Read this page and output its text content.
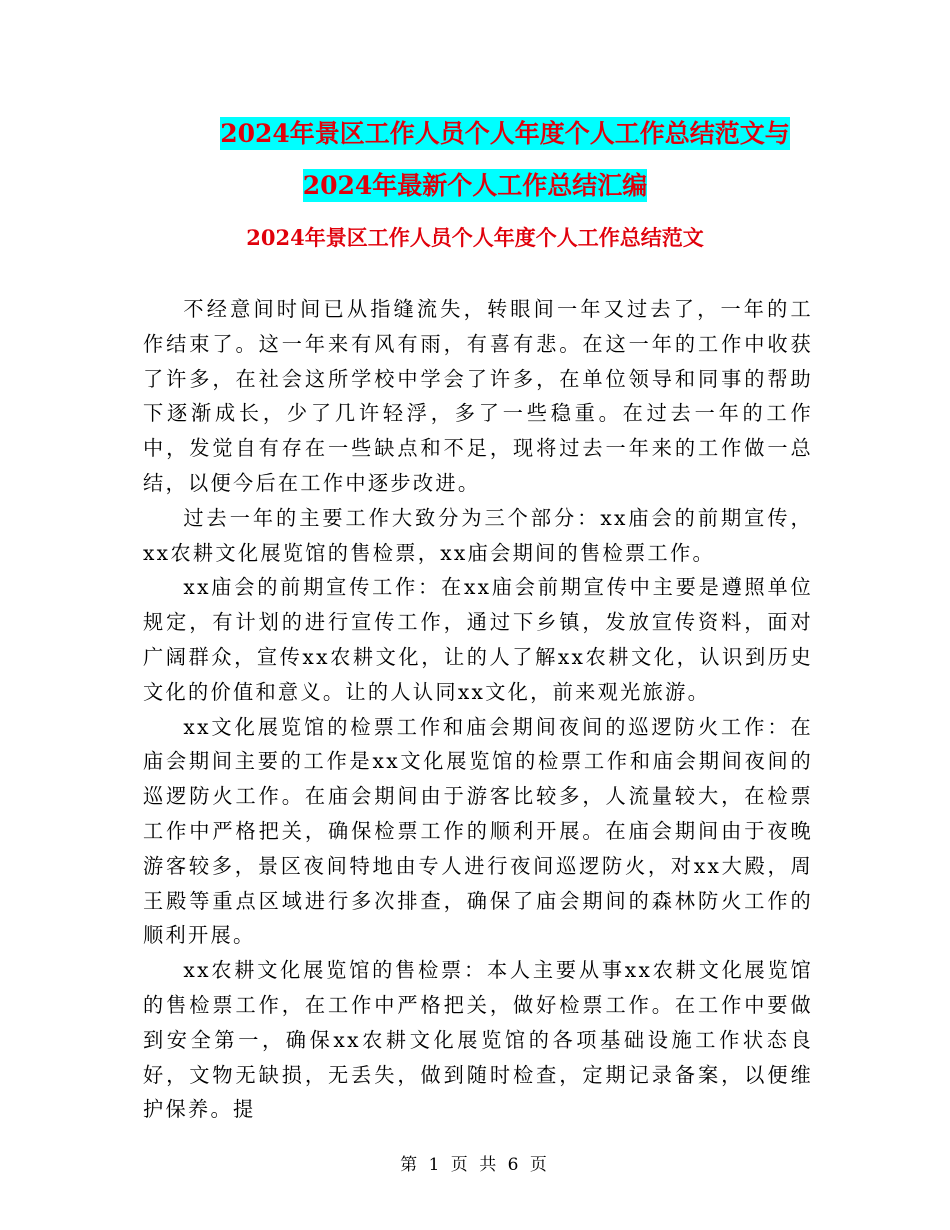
2024年景区工作人员个人年度个人工作总结范文与
2024年最新个人工作总结汇编
2024年景区工作人员个人年度个人工作总结范文

不经意间时间已从指缝流失，转眼间一年又过去了，一年的工作结束了。这一年来有风有雨，有喜有悲。在这一年的工作中收获了许多，在社会这所学校中学会了许多，在单位领导和同事的帮助下逐渐成长，少了几许轻浮，多了一些稳重。在过去一年的工作中，发觉自有存在一些缺点和不足，现将过去一年来的工作做一总结，以便今后在工作中逐步改进。

过去一年的主要工作大致分为三个部分：xx庙会的前期宣传，xx农耕文化展览馆的售检票，xx庙会期间的售检票工作。

xx庙会的前期宣传工作：在xx庙会前期宣传中主要是遵照单位规定，有计划的进行宣传工作，通过下乡镇，发放宣传资料，面对广阔群众，宣传xx农耕文化，让的人了解xx农耕文化，认识到历史文化的价值和意义。让的人认同xx文化，前来观光旅游。

xx文化展览馆的检票工作和庙会期间夜间的巡逻防火工作：在庙会期间主要的工作是xx文化展览馆的检票工作和庙会期间夜间的巡逻防火工作。在庙会期间由于游客比较多，人流量较大，在检票工作中严格把关，确保检票工作的顺利开展。在庙会期间由于夜晚游客较多，景区夜间特地由专人进行夜间巡逻防火，对xx大殿，周王殿等重点区域进行多次排查，确保了庙会期间的森林防火工作的顺利开展。

xx农耕文化展览馆的售检票：本人主要从事xx农耕文化展览馆的售检票工作，在工作中严格把关，做好检票工作。在工作中要做到安全第一，确保xx农耕文化展览馆的各项基础设施工作状态良好，文物无缺损，无丢失，做到随时检查，定期记录备案，以便维护保养。提

第 1 页 共 6 页
